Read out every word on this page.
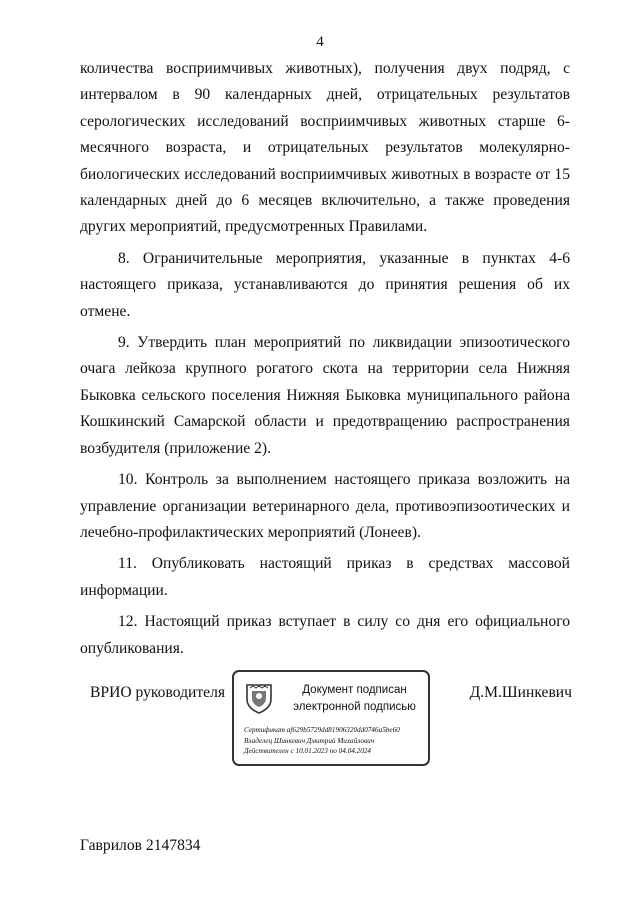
4

количества восприимчивых животных), получения двух подряд, с интервалом в 90 календарных дней, отрицательных результатов серологических исследований восприимчивых животных старше 6-месячного возраста, и отрицательных результатов молекулярно-биологических исследований восприимчивых животных в возрасте от 15 календарных дней до 6 месяцев включительно, а также проведения других мероприятий, предусмотренных Правилами.

8. Ограничительные мероприятия, указанные в пунктах 4-6 настоящего приказа, устанавливаются до принятия решения об их отмене.

9. Утвердить план мероприятий по ликвидации эпизоотического очага лейкоза крупного рогатого скота на территории села Нижняя Быковка сельского поселения Нижняя Быковка муниципального района Кошкинский Самарской области и предотвращению распространения возбудителя (приложение 2).

10. Контроль за выполнением настоящего приказа возложить на управление организации ветеринарного дела, противоэпизоотических и лечебно-профилактических мероприятий (Лонеев).

11. Опубликовать настоящий приказ в средствах массовой информации.

12. Настоящий приказ вступает в силу со дня его официального опубликования.

ВРИО руководителя	Документ подписан
электронной подписью
Сертификат af629b5729dd81906320dd0746a5be60
Владелец Шинкевич Дмитрий Михайлович
Действителен с 10.01.2023 по 04.04.2024
Д.М.Шинкевич
Гаврилов 2147834
